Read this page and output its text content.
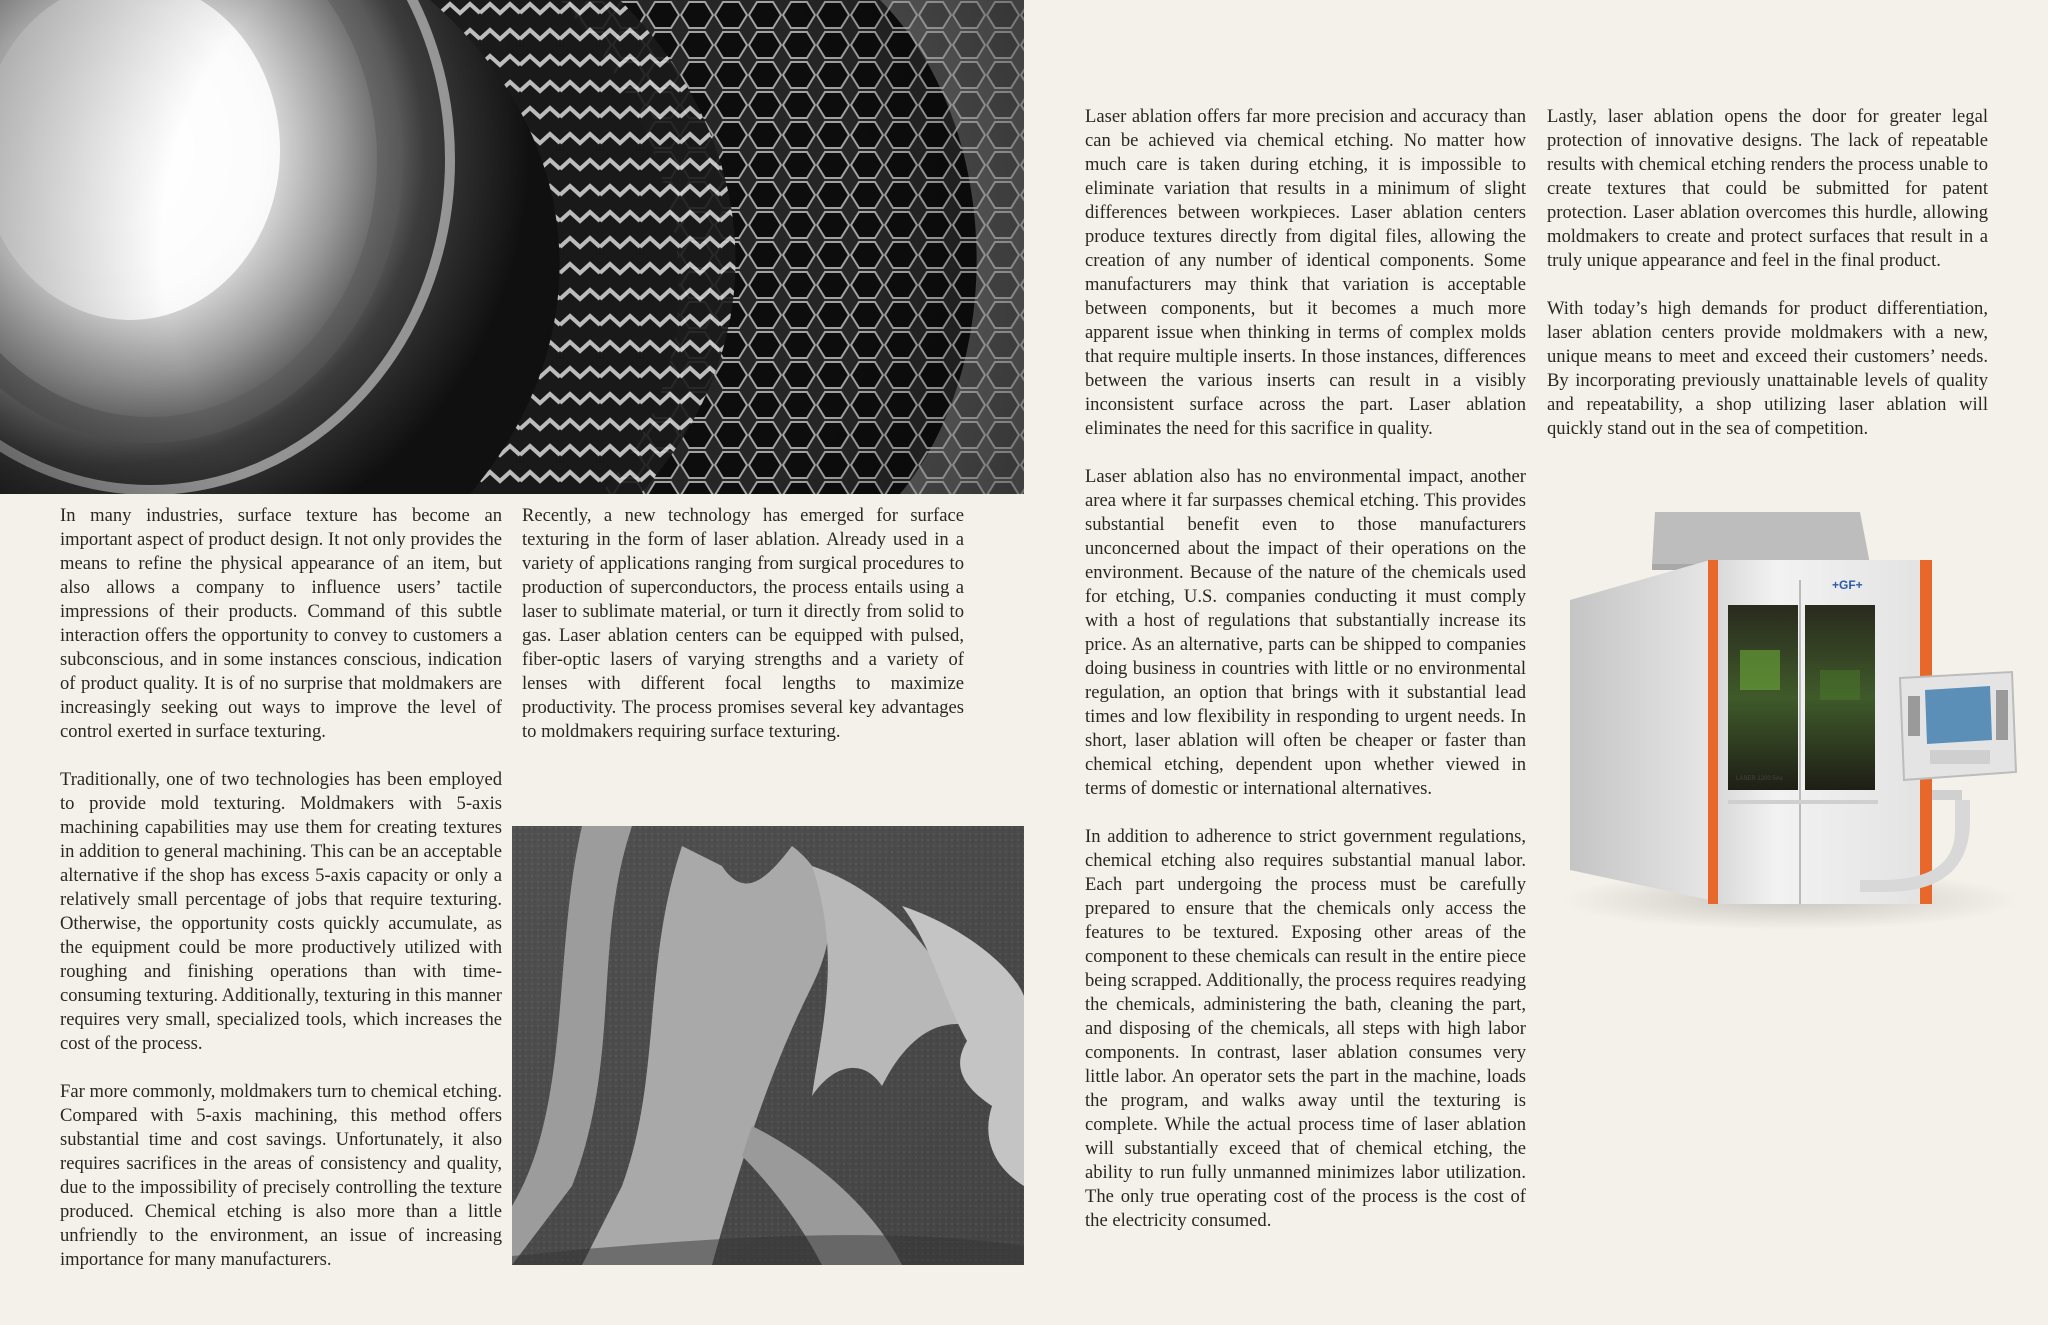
In many industries, surface texture has become an important aspect of product design. It not only provides the means to refine the physical appearance of an item, but also allows a company to influence users’ tactile impressions of their products. Command of this subtle interaction offers the opportunity to convey to customers a subconscious, and in some instances conscious, indication of product quality. It is of no surprise that moldmakers are increasingly seeking out ways to improve the level of control exerted in surface texturing.

Traditionally, one of two technologies has been employed to provide mold texturing. Moldmakers with 5-axis machining capabilities may use them for creating textures in addition to general machining. This can be an acceptable alternative if the shop has excess 5-axis capacity or only a relatively small percentage of jobs that require texturing. Otherwise, the opportunity costs quickly accumulate, as the equipment could be more productively utilized with roughing and finishing operations than with time-consuming texturing. Additionally, texturing in this manner requires very small, specialized tools, which increases the cost of the process.

Far more commonly, moldmakers turn to chemical etching. Compared with 5-axis machining, this method offers substantial time and cost savings. Unfortunately, it also requires sacrifices in the areas of consistency and quality, due to the impossibility of precisely controlling the texture produced. Chemical etching is also more than a little unfriendly to the environment, an issue of increasing importance for many manufacturers.

Recently, a new technology has emerged for surface texturing in the form of laser ablation. Already used in a variety of applications ranging from surgical procedures to production of superconductors, the process entails using a laser to sublimate material, or turn it directly from solid to gas. Laser ablation centers can be equipped with pulsed, fiber-optic lasers of varying strengths and a variety of lenses with different focal lengths to maximize productivity. The process promises several key advantages to moldmakers requiring surface texturing.

Laser ablation offers far more precision and accuracy than can be achieved via chemical etching. No matter how much care is taken during etching, it is impossible to eliminate variation that results in a minimum of slight differences between workpieces. Laser ablation centers produce textures directly from digital files, allowing the creation of any number of identical components. Some manufacturers may think that variation is acceptable between components, but it becomes a much more apparent issue when thinking in terms of complex molds that require multiple inserts. In those instances, differences between the various inserts can result in a visibly inconsistent surface across the part. Laser ablation eliminates the need for this sacrifice in quality.

Laser ablation also has no environmental impact, another area where it far surpasses chemical etching. This provides substantial benefit even to those manufacturers unconcerned about the impact of their operations on the environment. Because of the nature of the chemicals used for etching, U.S. companies conducting it must comply with a host of regulations that substantially increase its price. As an alternative, parts can be shipped to companies doing business in countries with little or no environmental regulation, an option that brings with it substantial lead times and low flexibility in responding to urgent needs. In short, laser ablation will often be cheaper or faster than chemical etching, dependent upon whether viewed in terms of domestic or international alternatives.

In addition to adherence to strict government regulations, chemical etching also requires substantial manual labor. Each part undergoing the process must be carefully prepared to ensure that the chemicals only access the features to be textured. Exposing other areas of the component to these chemicals can result in the entire piece being scrapped. Additionally, the process requires readying the chemicals, administering the bath, cleaning the part, and disposing of the chemicals, all steps with high labor components. In contrast, laser ablation consumes very little labor. An operator sets the part in the machine, loads the program, and walks away until the texturing is complete. While the actual process time of laser ablation will substantially exceed that of chemical etching, the ability to run fully unmanned minimizes labor utilization. The only true operating cost of the process is the cost of the electricity consumed.

Lastly, laser ablation opens the door for greater legal protection of innovative designs. The lack of repeatable results with chemical etching renders the process unable to create textures that could be submitted for patent protection. Laser ablation overcomes this hurdle, allowing moldmakers to create and protect surfaces that result in a truly unique appearance and feel in the final product.

With today’s high demands for product differentiation, laser ablation centers provide moldmakers with a new, unique means to meet and exceed their customers’ needs. By incorporating previously unattainable levels of quality and repeatability, a shop utilizing laser ablation will quickly stand out in the sea of competition.

+GF+
LASER 1200 5Ax
